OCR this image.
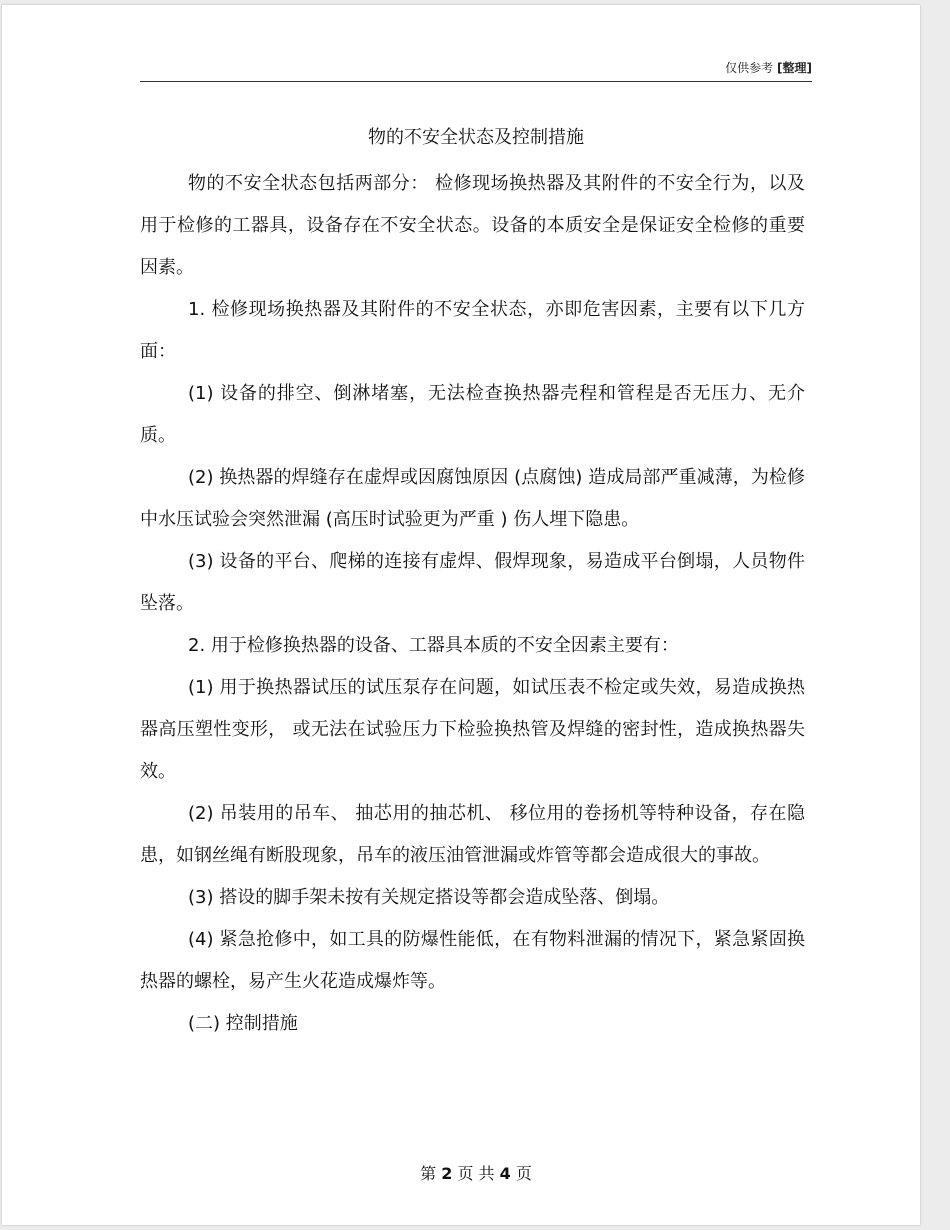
仅供参考 [整理]
物的不安全状态及控制措施

物的不安全状态包括两部分： 检修现场换热器及其附件的不安全行为，以及用于检修的工器具，设备存在不安全状态。设备的本质安全是保证安全检修的重要因素。

1. 检修现场换热器及其附件的不安全状态，亦即危害因素，主要有以下几方面：

(1) 设备的排空、倒淋堵塞，无法检查换热器壳程和管程是否无压力、无介质。

(2) 换热器的焊缝存在虚焊或因腐蚀原因 (点腐蚀) 造成局部严重减薄，为检修中水压试验会突然泄漏 (高压时试验更为严重 ) 伤人埋下隐患。

(3) 设备的平台、爬梯的连接有虚焊、假焊现象，易造成平台倒塌，人员物件坠落。

2. 用于检修换热器的设备、工器具本质的不安全因素主要有：

(1) 用于换热器试压的试压泵存在问题，如试压表不检定或失效，易造成换热器高压塑性变形， 或无法在试验压力下检验换热管及焊缝的密封性，造成换热器失效。

(2) 吊装用的吊车、 抽芯用的抽芯机、 移位用的卷扬机等特种设备，存在隐患，如钢丝绳有断股现象，吊车的液压油管泄漏或炸管等都会造成很大的事故。

(3) 搭设的脚手架未按有关规定搭设等都会造成坠落、倒塌。

(4) 紧急抢修中，如工具的防爆性能低，在有物料泄漏的情况下，紧急紧固换热器的螺栓，易产生火花造成爆炸等。

(二) 控制措施

第 2 页 共 4 页
